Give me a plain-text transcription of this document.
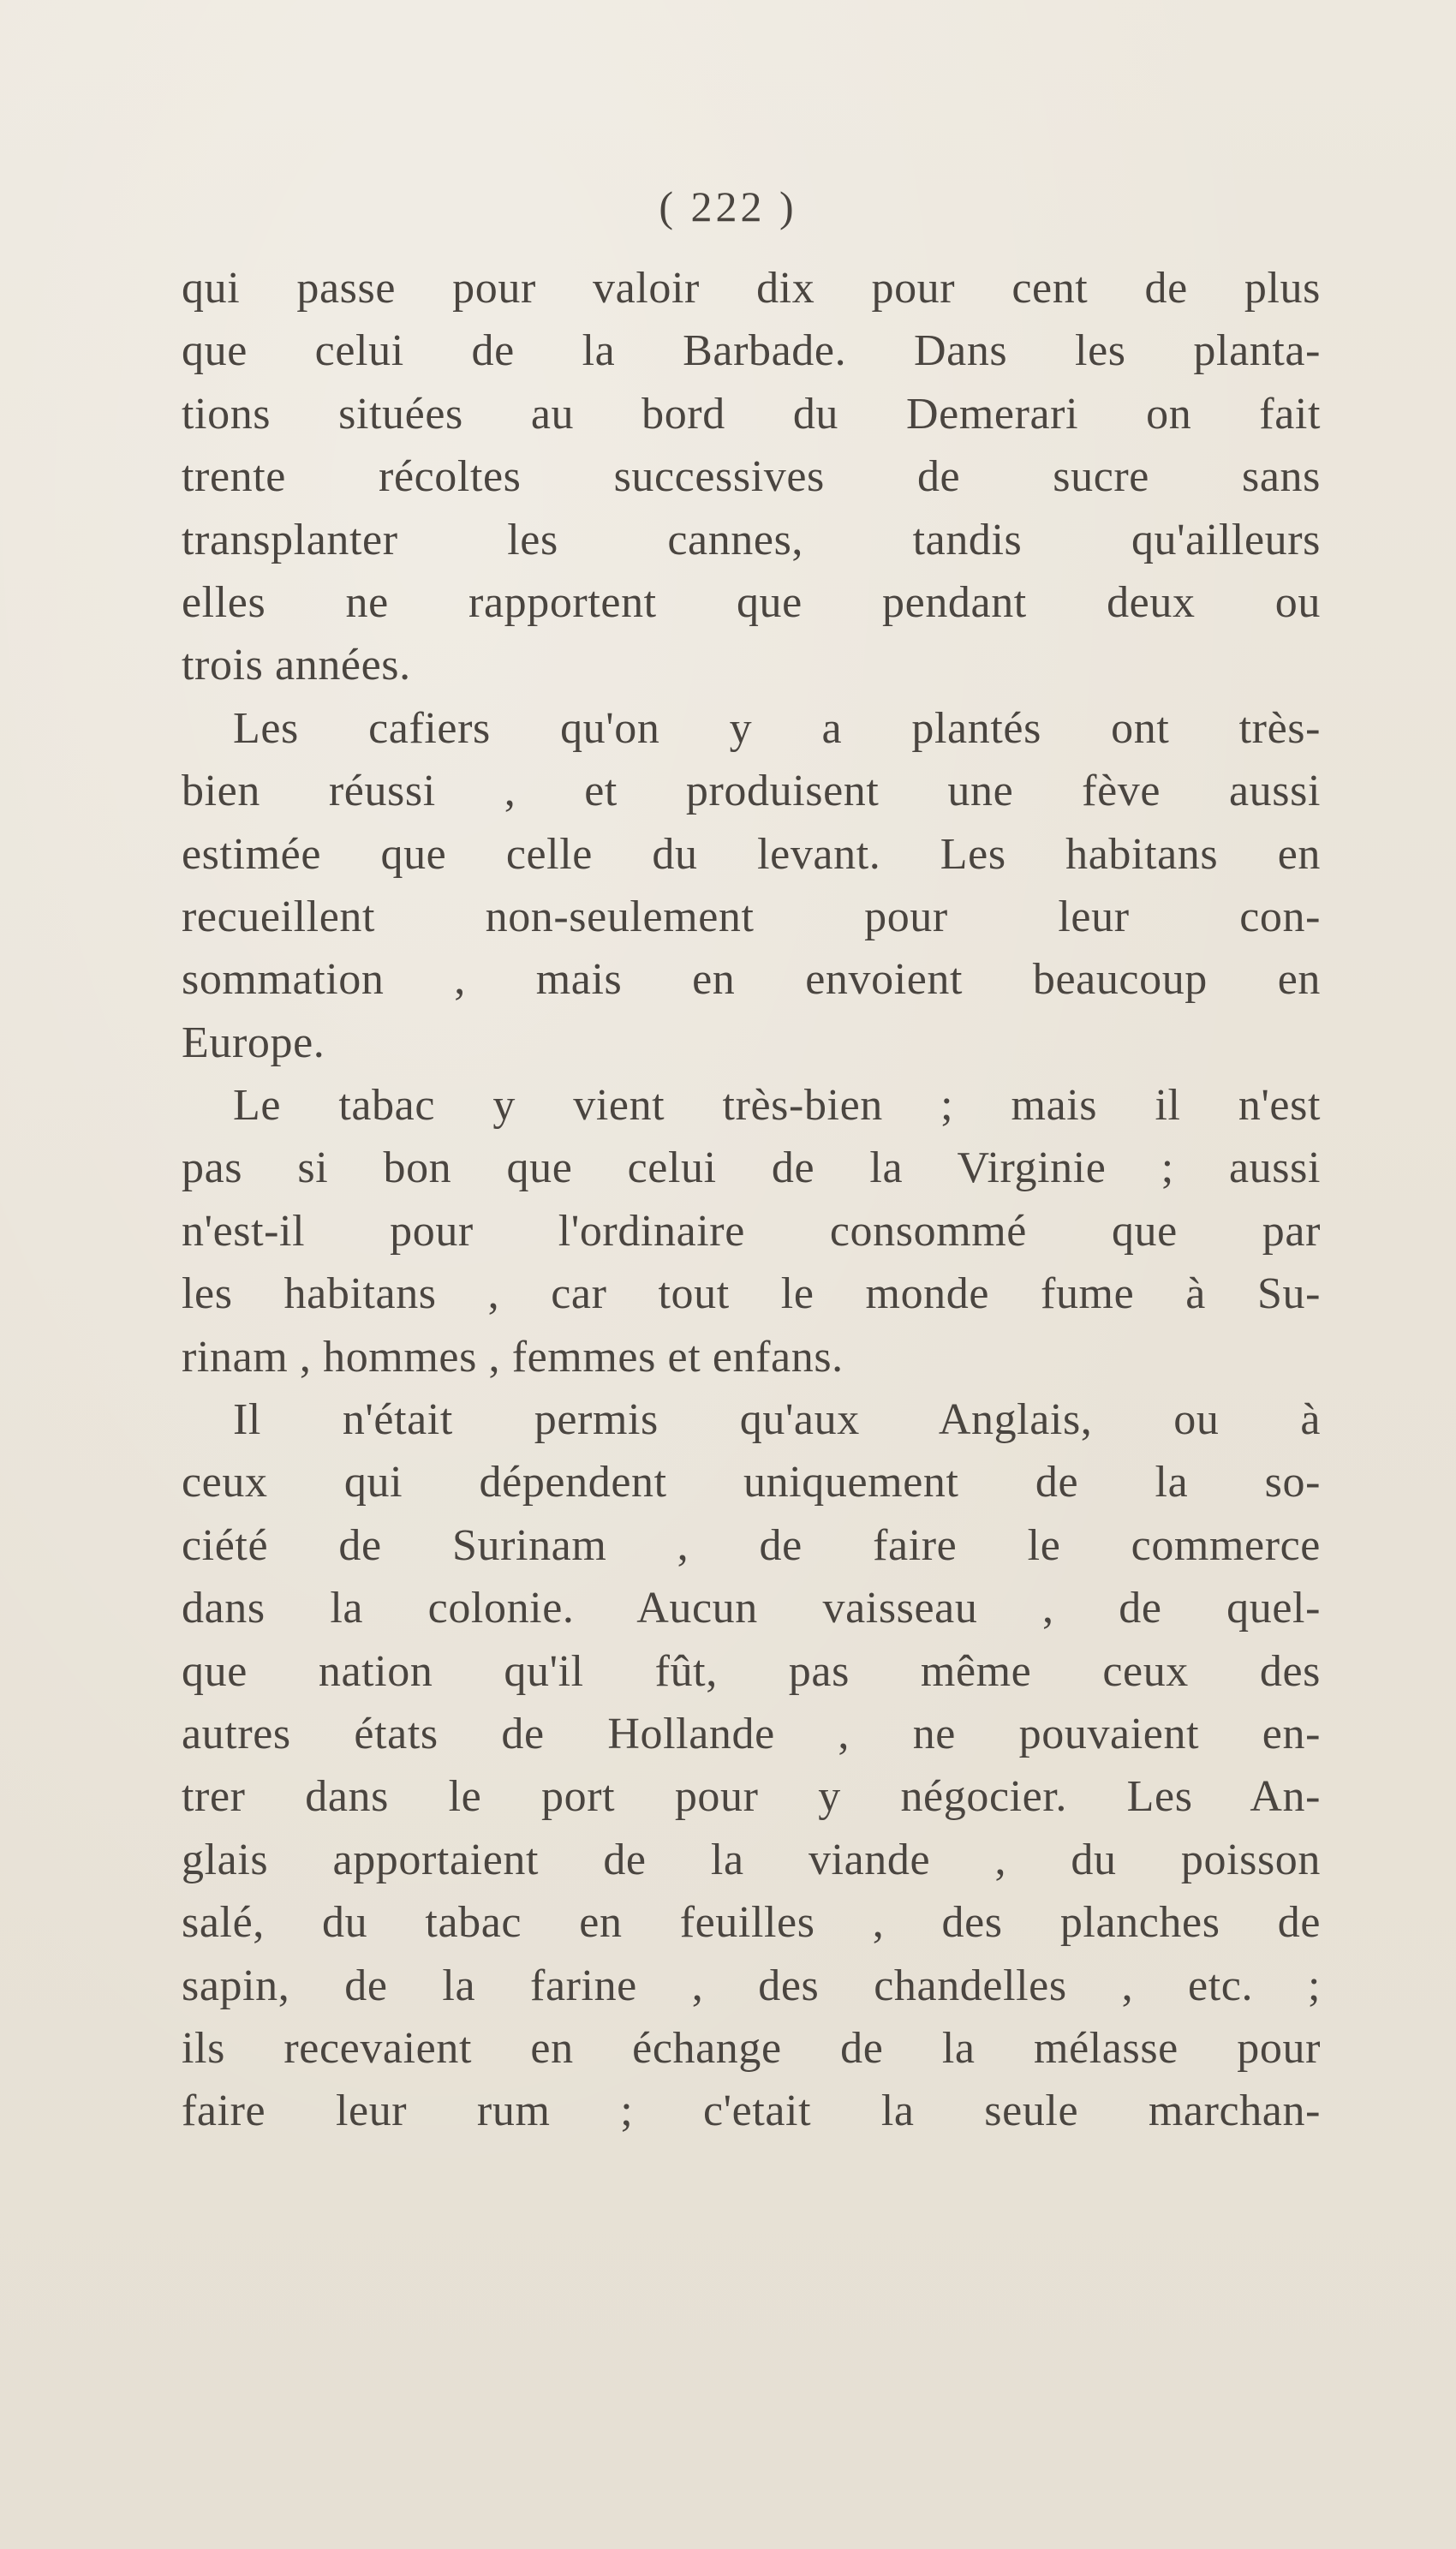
( 222 )
qui passe pour valoir dix pour cent de plus
que celui de la Barbade. Dans les planta-
tions situées au bord du Demerari on fait
trente récoltes successives de sucre sans
transplanter les cannes, tandis qu'ailleurs
elles ne rapportent que pendant deux ou
trois années.
Les cafiers qu'on y a plantés ont très-
bien réussi , et produisent une fève aussi
estimée que celle du levant. Les habitans en
recueillent non-seulement pour leur con-
sommation , mais en envoient beaucoup en
Europe.
Le tabac y vient très-bien ; mais il n'est
pas si bon que celui de la Virginie ; aussi
n'est-il pour l'ordinaire consommé que par
les habitans , car tout le monde fume à Su-
rinam , hommes , femmes et enfans.
Il n'était permis qu'aux Anglais, ou à
ceux qui dépendent uniquement de la so-
ciété de Surinam , de faire le commerce
dans la colonie. Aucun vaisseau , de quel-
que nation qu'il fût, pas même ceux des
autres états de Hollande , ne pouvaient en-
trer dans le port pour y négocier. Les An-
glais apportaient de la viande , du poisson
salé, du tabac en feuilles , des planches de
sapin, de la farine , des chandelles , etc. ;
ils recevaient en échange de la mélasse pour
faire leur rum ; c'etait la seule marchan-
